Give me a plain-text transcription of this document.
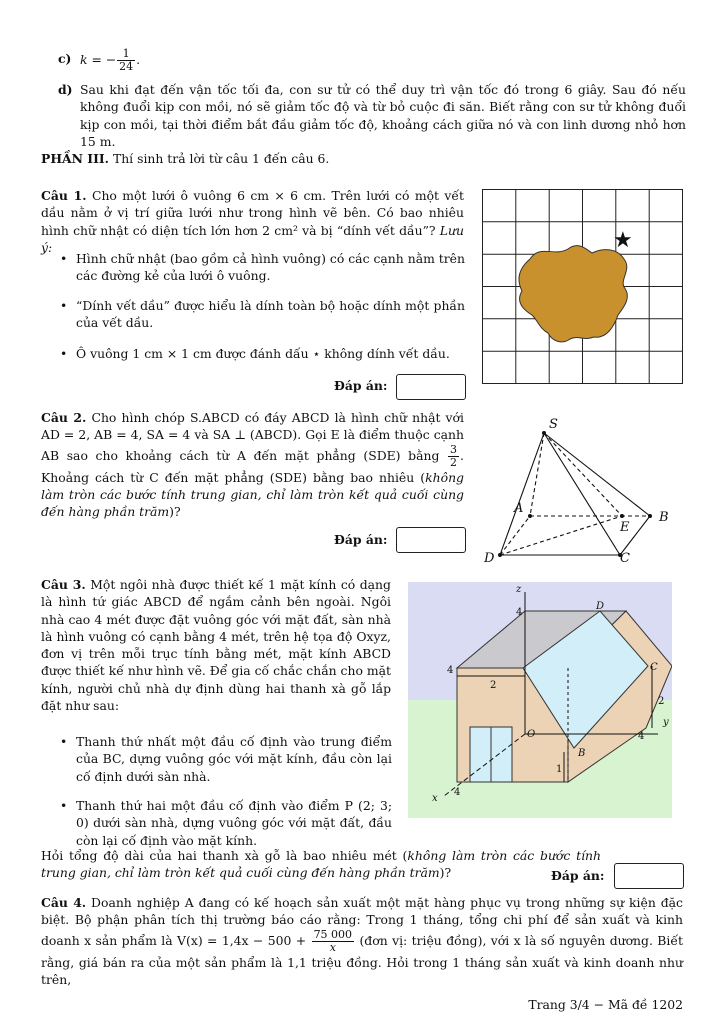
c) k = − $\frac{1}{24}$ .
d) Sau khi đạt đến vận tốc tối đa, con sư tử có thể duy trì vận tốc đó trong 6 giây. Sau đó nếu không đuổi kịp con mồi, nó sẽ giảm tốc độ và từ bỏ cuộc đi săn. Biết rằng con sư tử không đuổi kịp con mồi, tại thời điểm bắt đầu giảm tốc độ, khoảng cách giữa nó và con linh dương nhỏ hơn 15 m.
PHẦN III. Thí sinh trả lời từ câu 1 đến câu 6.
Câu 1. Cho một lưới ô vuông 6 cm × 6 cm. Trên lưới có một vết dầu nằm ở vị trí giữa lưới như trong hình vẽ bên. Có bao nhiêu hình chữ nhật có diện tích lớn hơn 2 cm² và bị “dính vết dầu”? Lưu ý:
• Hình chữ nhật (bao gồm cả hình vuông) có các cạnh nằm trên các đường kẻ của lưới ô vuông.
• “Dính vết dầu” được hiểu là dính toàn bộ hoặc dính một phần của vết dầu.
• Ô vuông 1 cm × 1 cm được đánh dấu ⋆ không dính vết dầu.
Đáp án:
★
Câu 2. Cho hình chóp S.ABCD có đáy ABCD là hình chữ nhật với AD = 2, AB = 4, SA = 4 và SA ⊥ (ABCD). Gọi E là điểm thuộc cạnh AB sao cho khoảng cách từ A đến mặt phẳng (SDE) bằng $\frac{3}{2}$ . Khoảng cách từ C đến mặt phẳng (SDE) bằng bao nhiêu (không làm tròn các bước tính trung gian, chỉ làm tròn kết quả cuối cùng đến hàng phần trăm)?
Đáp án:
S
A
B
C
D
E
Câu 3. Một ngôi nhà được thiết kế 1 mặt kính có dạng là hình tứ giác ABCD để ngắm cảnh bên ngoài. Ngôi nhà cao 4 mét được đặt vuông góc với mặt đất, sàn nhà là hình vuông có cạnh bằng 4 mét, trên hệ tọa độ Oxyz, đơn vị trên mỗi trục tính bằng mét, mặt kính ABCD được thiết kế như hình vẽ. Để gia cố chắc chắn cho mặt kính, người chủ nhà dự định dùng hai thanh xà gỗ lắp đặt như sau:
• Thanh thứ nhất một đầu cố định vào trung điểm của BC, dựng vuông góc với mặt kính, đầu còn lại cố định dưới sàn nhà.
• Thanh thứ hai một đầu cố định vào điểm P (2; 3; 0) dưới sàn nhà, dựng vuông góc với mặt đất, đầu còn lại cố định vào mặt kính.
Hỏi tổng độ dài của hai thanh xà gỗ là bao nhiêu mét (không làm tròn các bước tính trung gian, chỉ làm tròn kết quả cuối cùng đến hàng phần trăm)?	Đáp án:
z
4
4
2
2
y
4
O
B
C
D
1
4
x
Câu 4. Doanh nghiệp A đang có kế hoạch sản xuất một mặt hàng phục vụ trong những sự kiện đặc biệt. Bộ phận phân tích thị trường báo cáo rằng: Trong 1 tháng, tổng chi phí để sản xuất và kinh doanh x sản phẩm là $V(x) = 1,4x - 500 + \frac{75 000}{x}$ (đơn vị: triệu đồng), với x là số nguyên dương. Biết rằng, giá bán ra của một sản phẩm là 1,1 triệu đồng. Hỏi trong 1 tháng sản xuất và kinh doanh như trên,
Trang 3/4 − Mã đề 1202
